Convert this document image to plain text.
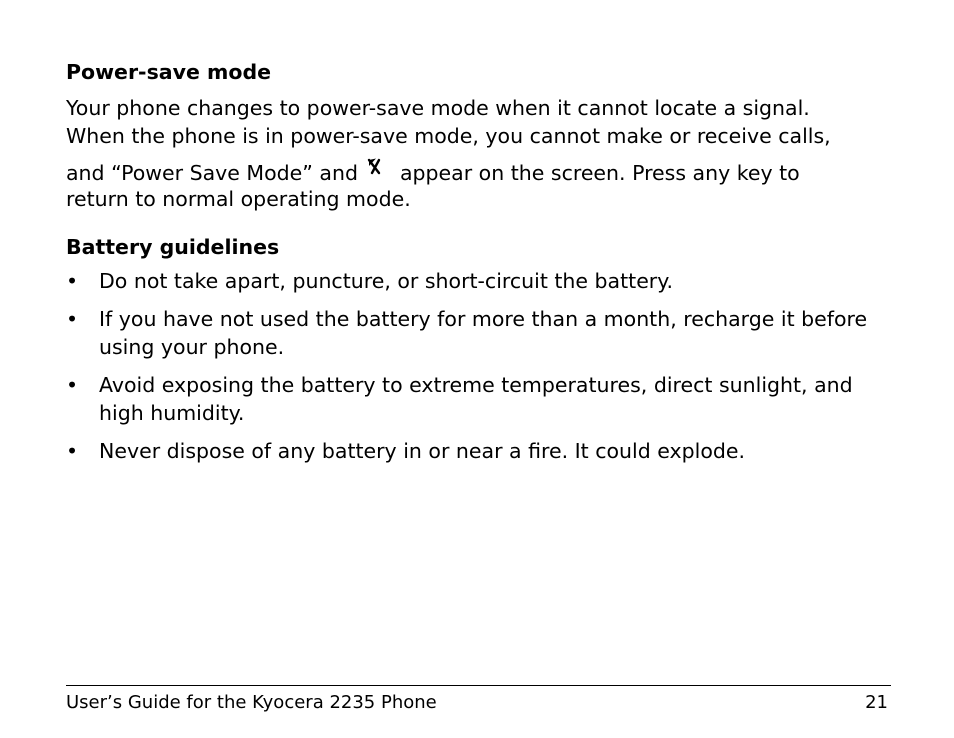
Power-save mode

Your phone changes to power-save mode when it cannot locate a signal.
When the phone is in power-save mode, you cannot make or receive calls,
and “Power Save Mode” and appear on the screen. Press any key to
return to normal operating mode.

Battery guidelines
• Do not take apart, puncture, or short-circuit the battery.
• If you have not used the battery for more than a month, recharge it before
using your phone.
• Avoid exposing the battery to extreme temperatures, direct sunlight, and
high humidity.
• Never dispose of any battery in or near a fire. It could explode.
User’s Guide for the Kyocera 2235 Phone	21
